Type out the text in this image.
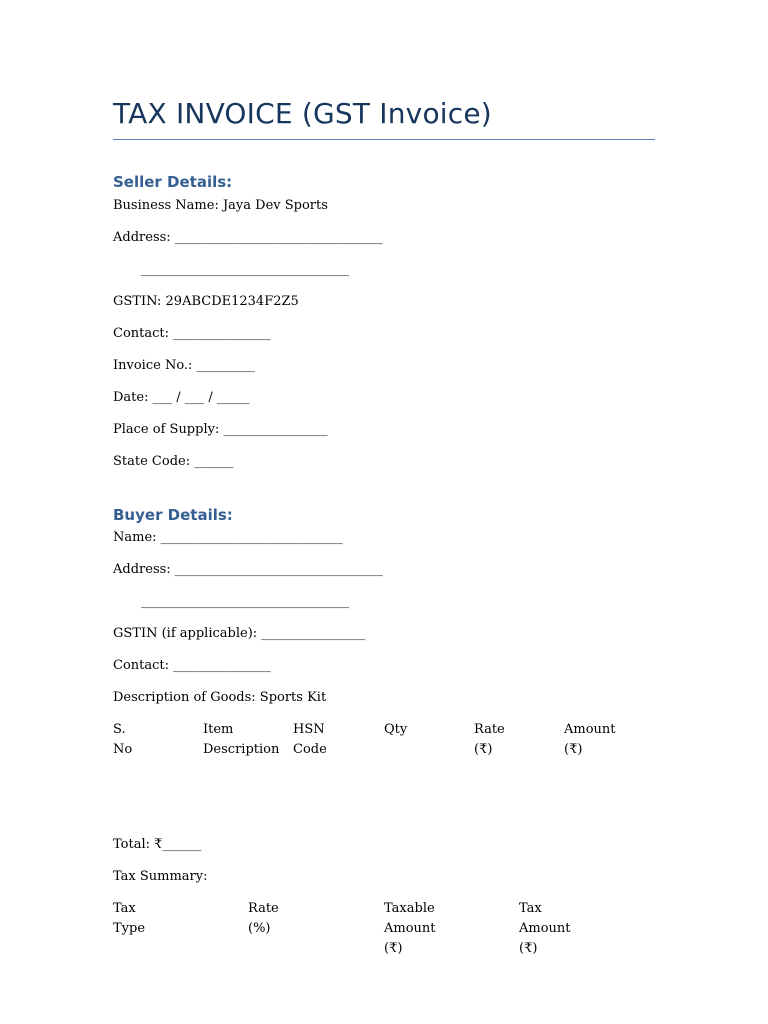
TAX INVOICE (GST Invoice)
Seller Details:
Business Name: Jaya Dev Sports
Address: ________________________________
________________________________
GSTIN: 29ABCDE1234F2Z5
Contact: _______________
Invoice No.: _________
Date: ___ / ___ / _____
Place of Supply: ________________
State Code: ______
Buyer Details:
Name: ____________________________
Address: ________________________________
________________________________
GSTIN (if applicable): ________________
Contact: _______________
Description of Goods: Sports Kit
S. No
Item
Description
HSN Code
Qty	Rate (₹)
Amount (₹)
Total: ₹______
Tax Summary:
Tax Type
Rate (%)
Taxable Amount (₹)
Tax Amount (₹)
